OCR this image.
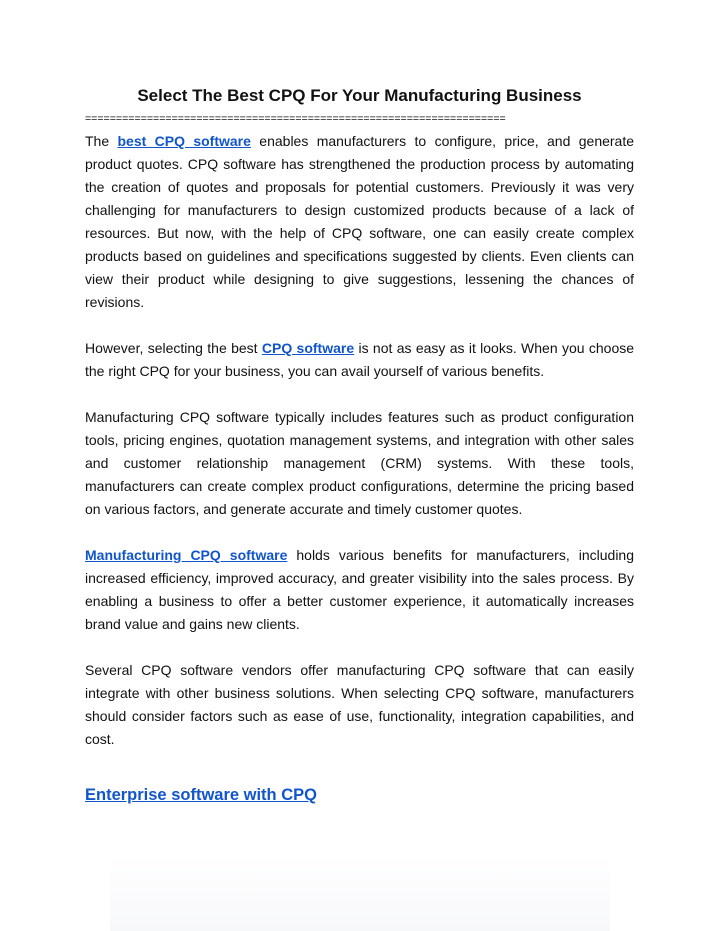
Select The Best CPQ For Your Manufacturing Business
====================================================================

The best CPQ software enables manufacturers to configure, price, and generate product quotes. CPQ software has strengthened the production process by automating the creation of quotes and proposals for potential customers. Previously it was very challenging for manufacturers to design customized products because of a lack of resources. But now, with the help of CPQ software, one can easily create complex products based on guidelines and specifications suggested by clients. Even clients can view their product while designing to give suggestions, lessening the chances of revisions.

However, selecting the best CPQ software is not as easy as it looks. When you choose the right CPQ for your business, you can avail yourself of various benefits.

Manufacturing CPQ software typically includes features such as product configuration tools, pricing engines, quotation management systems, and integration with other sales and customer relationship management (CRM) systems. With these tools, manufacturers can create complex product configurations, determine the pricing based on various factors, and generate accurate and timely customer quotes.

Manufacturing CPQ software holds various benefits for manufacturers, including increased efficiency, improved accuracy, and greater visibility into the sales process. By enabling a business to offer a better customer experience, it automatically increases brand value and gains new clients.

Several CPQ software vendors offer manufacturing CPQ software that can easily integrate with other business solutions. When selecting CPQ software, manufacturers should consider factors such as ease of use, functionality, integration capabilities, and cost.

Enterprise software with CPQ
